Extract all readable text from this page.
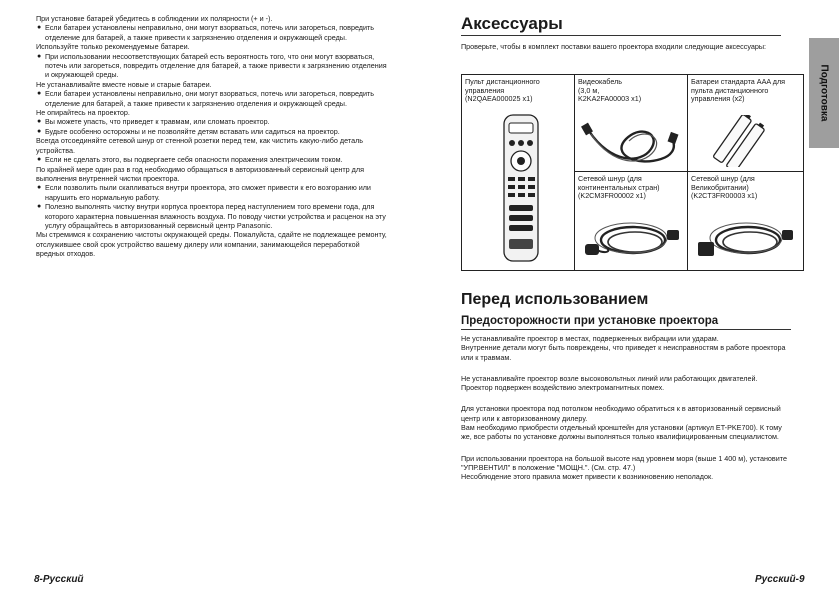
При установке батарей убедитесь в соблюдении их полярности (+ и -).

● Если батареи установлены неправильно, они могут взорваться, потечь или загореться, повредить отделение для батарей, а также привести к загрязнению отделения и окружающей среды.

Используйте только рекомендуемые батареи.

● При использовании несоответствующих батарей есть вероятность того, что они могут взорваться, потечь или загореться, повредить отделение для батарей, а также привести к загрязнению отделения и окружающей среды.

Не устанавливайте вместе новые и старые батареи.

● Если батареи установлены неправильно, они могут взорваться, потечь или загореться, повредить отделение для батарей, а также привести к загрязнению отделения и окружающей среды.

Не опирайтесь на проектор.

● Вы можете упасть, что приведет к травмам, или сломать проектор.

● Будьте особенно осторожны и не позволяйте детям вставать или садиться на проектор.

Всегда отсоединяйте сетевой шнур от стенной розетки перед тем, как чистить какую-либо деталь устройства.

● Если не сделать этого, вы подвергаете себя опасности поражения электрическим током.

По крайней мере один раз в год необходимо обращаться в авторизованный сервисный центр для выполнения внутренней чистки проектора.

● Если позволить пыли скапливаться внутри проектора, это сможет привести к его возгоранию или нарушить его нормальную работу.

● Полезно выполнять чистку внутри корпуса проектора перед наступлением того времени года, для которого характерна повышенная влажность воздуха. По поводу чистки устройства и расценок на эту услугу обращайтесь в авторизованный сервисный центр Panasonic.

Мы стремимся к сохранению чистоты окружающей среды. Пожалуйста, сдайте не подлежащее ремонту, отслужившее свой срок устройство вашему дилеру или компании, занимающейся переработкой вредных отходов.

Аксессуары

Проверьте, чтобы в комплект поставки вашего проектора входили следующие аксессуары:

Пульт дистанционного управления
(N2QAEA000025 x1)
Видеокабель
(3,0 м,
K2KA2FA00003 x1)
Батареи стандарта AAA для пульта дистанционного управления (x2)
Сетевой шнур (для континентальных стран)
(K2CM3FR00002 x1)
Сетевой шнур (для Великобритании)
(K2CT3FR00003 x1)
Подготовка
Перед использованием
Предосторожности при установке проектора

Не устанавливайте проектор в местах, подверженных вибрации или ударам.

Внутренние детали могут быть повреждены, что приведет к неисправностям в работе проектора или к травмам.

Не устанавливайте проектор возле высоковольтных линий или работающих двигателей.

Проектор подвержен воздействию электромагнитных помех.

Для установки проектора под потолком необходимо обратиться к в авторизованный сервисный центр или к авторизованному дилеру.

Вам необходимо приобрести отдельный кронштейн для установки (артикул ET-PKE700). К тому же, все работы по установке должны выполняться только квалифицированным специалистом.

При использовании проектора на большой высоте над уровнем моря (выше 1 400 м), установите "УПР.ВЕНТИЛ" в положение "МОЩН.". (См. стр. 47.)

Несоблюдение этого правила может привести к возникновению неполадок.

8-Русский	Русский-9
